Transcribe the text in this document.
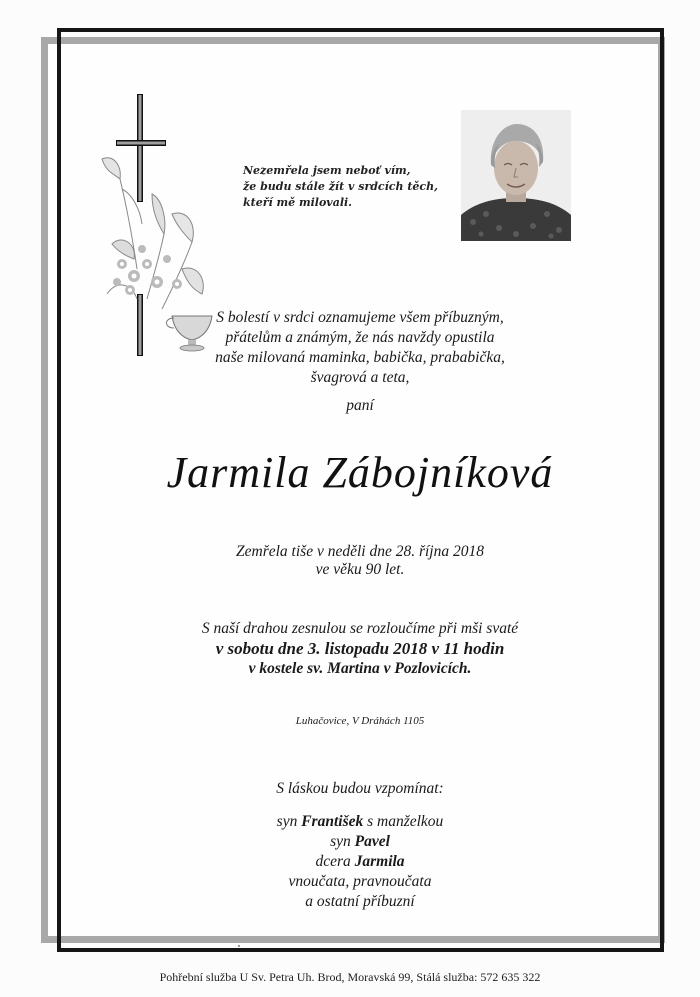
Nezemřela jsem neboť vím,
že budu stále žít v srdcích těch,
kteří mě milovali.
S bolestí v srdci oznamujeme všem příbuzným,
přátelům a známým, že nás navždy opustila
naše milovaná maminka, babička, prababička,
švagrová a teta,
paní
Jarmila Zábojníková
Zemřela tiše v neděli dne 28. října 2018
ve věku 90 let.
S naší drahou zesnulou se rozloučíme při mši svaté
v sobotu dne 3. listopadu 2018 v 11 hodin
v kostele sv. Martina v Pozlovicích.
Luhačovice, V Dráhách 1105
S láskou budou vzpomínat:
syn František s manželkou
syn Pavel
dcera Jarmila
vnoučata, pravnoučata
a ostatní příbuzní
Pohřební služba U Sv. Petra Uh. Brod, Moravská 99, Stálá služba: 572 635 322
